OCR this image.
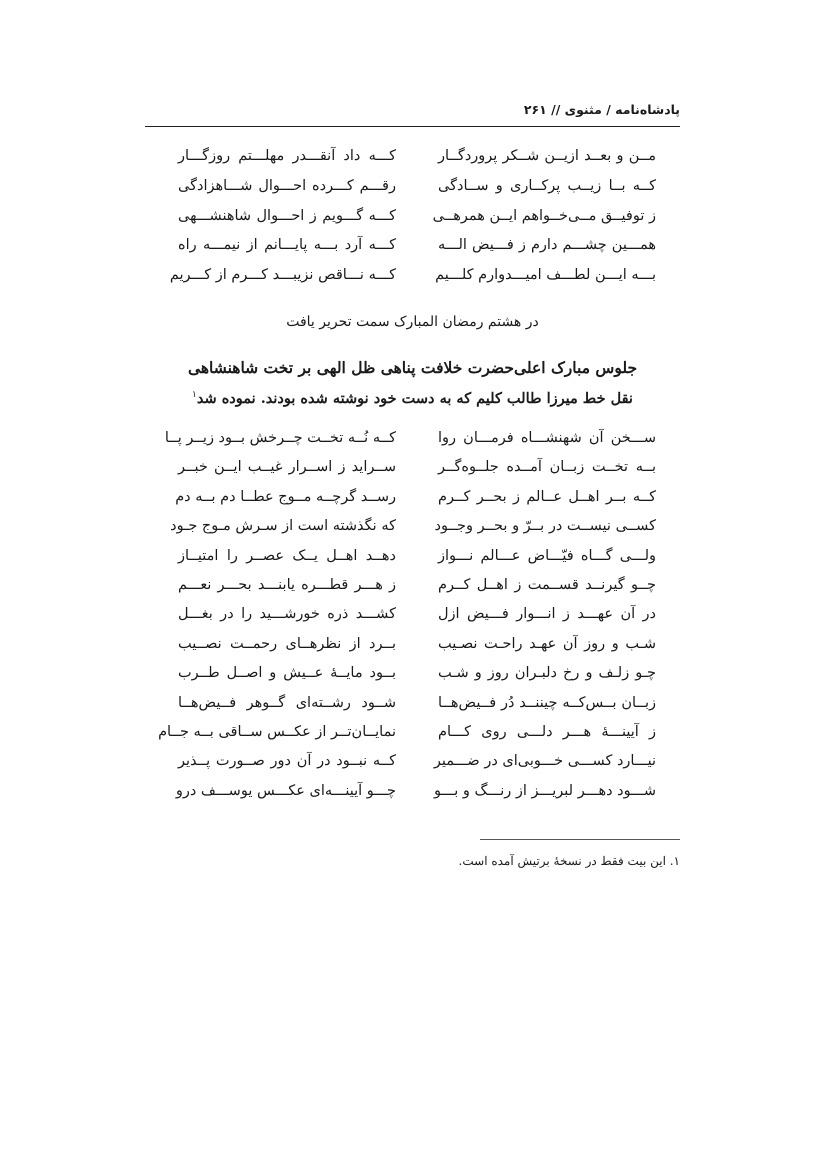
پادشاه‌نامه / مثنوی // ۲۶۱
مــن و بعــد ازیــن شــکر پروردگــار
کـــه داد آنقـــدر مهلـــتم روزگـــار
کــه بــا زیــب پرکــاری و ســادگی
رقـــم کـــرده احـــوال شـــاهزادگی
ز توفیــق مــی‌خــواهم ایــن همرهــی
کـــه گـــویم ز احـــوال شاهنشـــهی
همـــین چشـــم دارم ز فـــیض الـــه
کـــه آرد بـــه پایـــانم از نیمـــه راه
بـــه ایـــن لطـــف امیـــدوارم کلـــیم
کـــه نـــاقص نزیبـــد کـــرم از کـــریم
در هشتم رمضان المبارک سمت تحریر یافت
جلوس مبارک اعلی‌حضرت خلافت پناهی ظل الهی بر تخت شاهنشاهی
نقل خط میرزا طالب کلیم که به دست خود نوشته شده بودند. نموده شد$^۱$
ســـخن آن شهنشـــاه فرمـــان روا
کــه نُــه تخــت چــرخش بــود زیــر پــا
بــه تخــت زبــان آمــده جلــوه‌گــر
ســراید ز اســرار غیــب ایــن خبــر
کــه بــر اهــل عــالم ز بحــر کــرم
رســد گرچــه مــوج عطــا دم بــه دم
کســی نیســت در بــرّ و بحــر وجــود
که نگذشته است از سـرش مـوج جـود
ولـــی گـــاه فیّـــاض عـــالم نـــواز
دهــد اهــل یــک عصــر را امتیــاز
چــو گیرنــد قســمت ز اهــل کــرم
ز هـــر قطـــره یابنـــد بحـــر نعـــم
در آن عهـــد ز انـــوار فـــیض ازل
کشـــد ذره خورشـــید را در بغـــل
شـب و روز آن عهـد راحـت نصـیب
بــرد از نظرهــای رحمــت نصــیب
چـو زلـف و رخ دلبـران روز و شـب
بــود مایــهٔ عــیش و اصــل طــرب
زبــان بــس‌کــه چیننــد دُر فــیض‌هــا
شــود رشــته‌ای گــوهر فــیض‌هــا
ز آیینـــهٔ هـــر دلـــی روی کـــام
نمایــان‌تــر از عکــس ســاقی بــه جــام
نیـــارد کســـی خـــوبی‌ای در ضـــمیر
کــه نبــود در آن دور صــورت پــذیر
شـــود دهـــر لبریـــز از رنـــگ و بـــو
چـــو آیینـــه‌ای عکـــس یوســـف درو
۱. این بیت فقط در نسخهٔ برتیش آمده است.
